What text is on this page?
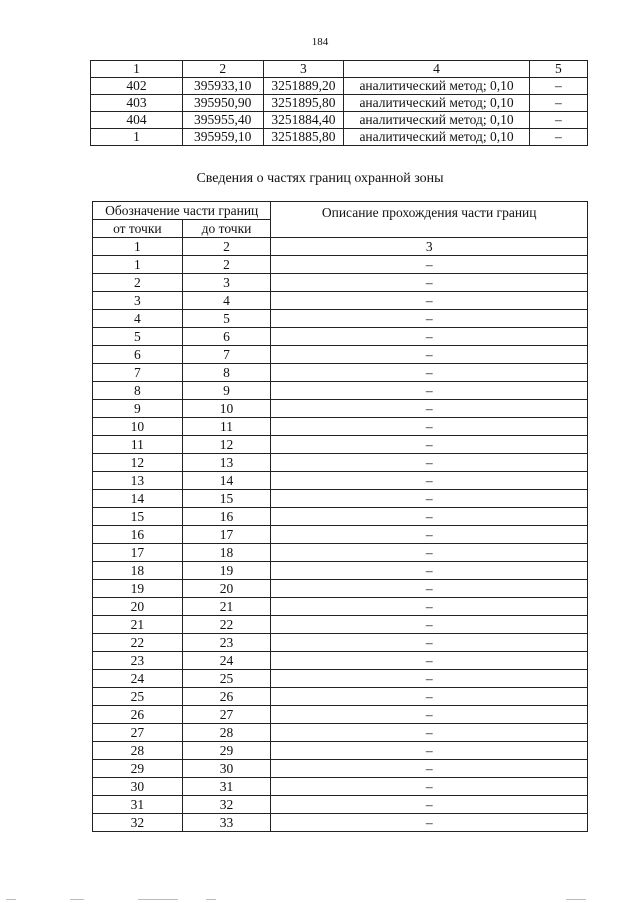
184
1	2	3	4	5
402	395933,10	3251889,20	аналитический метод; 0,10	–
403	395950,90	3251895,80	аналитический метод; 0,10	–
404	395955,40	3251884,40	аналитический метод; 0,10	–
1	395959,10	3251885,80	аналитический метод; 0,10	–
Сведения о частях границ охранной зоны
Обозначение части границ		Описание прохождения части границ
от точки	до точки	
1	2	3
1	2	–
2	3	–
3	4	–
4	5	–
5	6	–
6	7	–
7	8	–
8	9	–
9	10	–
10	11	–
11	12	–
12	13	–
13	14	–
14	15	–
15	16	–
16	17	–
17	18	–
18	19	–
19	20	–
20	21	–
21	22	–
22	23	–
23	24	–
24	25	–
25	26	–
26	27	–
27	28	–
28	29	–
29	30	–
30	31	–
31	32	–
32	33	–
